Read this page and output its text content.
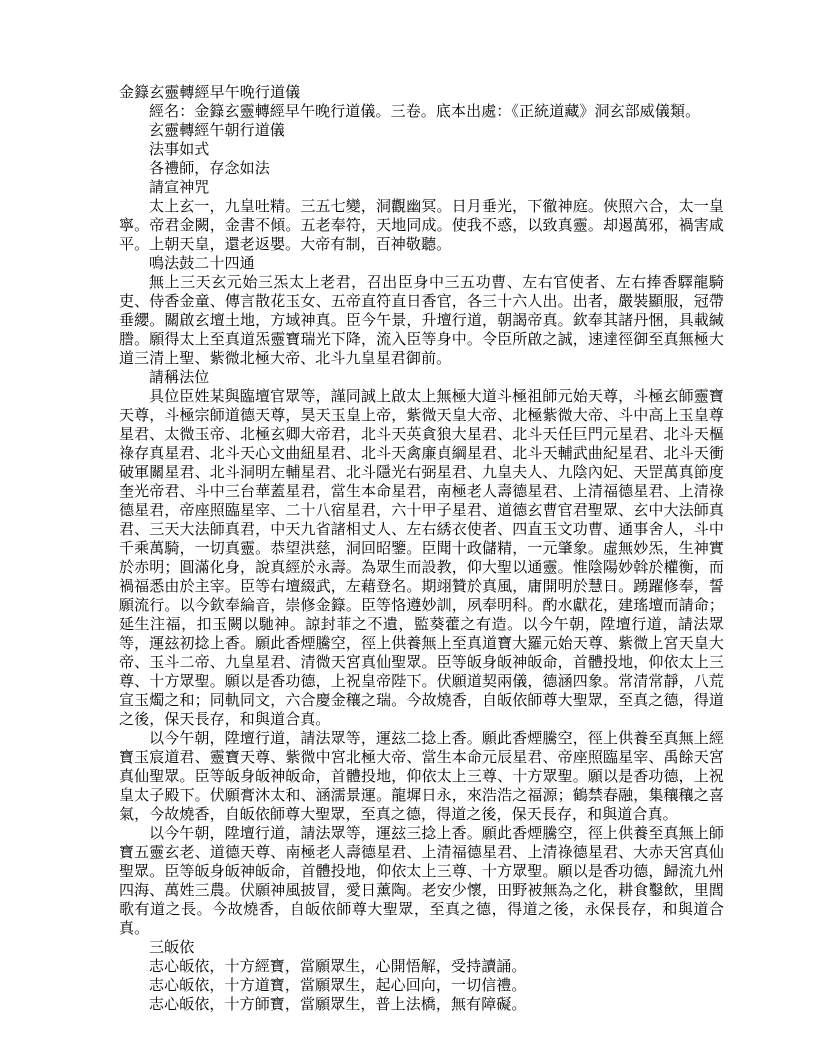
金籙玄靈轉經早午晚行道儀

經名：金籙玄靈轉經早午晚行道儀。三卷。底本出處：《正統道藏》洞玄部威儀類。

玄靈轉經午朝行道儀

法事如式

各禮師，存念如法

請宣神咒

太上玄一，九皇吐精。三五七變，洞觀幽冥。日月垂光，下徹神庭。俠照六合，太一皇寧。帝君金闕，金書不傾。五老奉符，天地同成。使我不惑，以致真靈。却遏萬邪，禍害咸平。上朝天皇，還老返嬰。大帝有制，百神敬聽。

鳴法鼓二十四通

無上三天玄元始三炁太上老君，召出臣身中三五功曹、左右官使者、左右捧香驛龍騎吏、侍香金童、傳言散花玉女、五帝直符直日香官，各三十六人出。出者，嚴裝顯服，冠帶垂纓。關啟玄壇土地，方域神真。臣今午景，升壇行道，朝謁帝真。欽奉其諸丹悃，具載緘謄。願得太上至真道炁靈寶瑞光下降，流入臣等身中。令臣所啟之誠，速達徑御至真無極大道三清上聖、紫微北極大帝、北斗九皇星君御前。

請稱法位

具位臣姓某與臨壇官眾等，謹同誠上啟太上無極大道斗極祖師元始天尊，斗極玄師靈寶天尊，斗極宗師道德天尊，昊天玉皇上帝，紫微天皇大帝、北極紫微大帝、斗中高上玉皇尊星君、太微玉帝、北極玄卿大帝君，北斗天英貪狼大星君、北斗天任巨門元星君、北斗天樞祿存真星君、北斗天心文曲紐星君、北斗天禽廉貞綱星君、北斗天輔武曲紀星君、北斗天衝破軍關星君、北斗洞明左輔星君、北斗隱光右弼星君、九皇夫人、九陰內妃、天罡萬真節度奎光帝君、斗中三台華蓋星君，當生本命星君，南極老人壽德星君、上清福德星君、上清祿德星君，帝座照臨星宰、二十八宿星君，六十甲子星君、道德玄曹官君聖眾、玄中大法師真君、三天大法師真君，中天九省諸相丈人、左右綉衣使者、四直玉文功曹、通事舍人，斗中千乘萬騎，一切真靈。恭望洪慈，洞回昭鑒。臣聞十政儲精，一元肇象。虛無妙炁，生神實於赤明；圓滿化身，說真經於永壽。為眾生而設教，仰大聖以通靈。惟陰陽妙斡於權衡，而禍福悉由於主宰。臣等右壇綴武，左藉登名。期翊贊於真風，庸開明於慧日。踴躍修奉，誓願流行。以今欽奉綸音，崇修金籙。臣等恪遵妙訓，夙奉明科。酌水獻花，建瑤壇而請命；延生注福，扣玉闕以馳神。諒封菲之不遺，監葵藿之有造。以今午朝，陞壇行道，請法眾等，運玆初捻上香。願此香煙騰空，徑上供養無上至真道寶大羅元始天尊、紫微上宮天皇大帝、玉斗二帝、九皇星君、清微天宮真仙聖眾。臣等皈身皈神皈命，首體投地，仰依太上三尊、十方眾聖。願以是香功德，上祝皇帝陛下。伏願道契兩儀，德涵四象。常清常靜，八荒宣玉燭之和；同軌同文，六合慶金穰之瑞。今故燒香，自皈依師尊大聖眾，至真之德，得道之後，保天長存，和與道合真。

以今午朝，陞壇行道，請法眾等，運玆二捻上香。願此香煙騰空，徑上供養至真無上經寶玉宸道君、靈寶天尊、紫微中宮北極大帝、當生本命元辰星君、帝座照臨星宰、禹餘天宮真仙聖眾。臣等皈身皈神皈命，首體投地，仰依太上三尊、十方眾聖。願以是香功德，上祝皇太子殿下。伏願膏沐太和、涵濡景運。龍墀日永，來浩浩之福源；鶴禁春融，集穰穰之喜氣，今故燒香，自皈依師尊大聖眾，至真之德，得道之後，保天長存，和與道合真。

以今午朝，陞壇行道，請法眾等，運玆三捻上香。願此香煙騰空，徑上供養至真無上師寶五靈玄老、道德天尊、南極老人壽德星君、上清福德星君、上清祿德星君、大赤天宮真仙聖眾。臣等皈身皈神皈命，首體投地，仰依太上三尊、十方眾聖。願以是香功德，歸流九州四海、萬姓三農。伏願神風披冒，愛日薰陶。老安少懷，田野被無為之化，耕食鑿飲，里閭歌有道之長。今故燒香，自皈依師尊大聖眾，至真之德，得道之後，永保長存，和與道合真。

三皈依

志心皈依，十方經寶，當願眾生，心開悟解，受持讀誦。

志心皈依，十方道寶，當願眾生，起心回向，一切信禮。

志心皈依，十方師寶，當願眾生，普上法橋，無有障礙。
